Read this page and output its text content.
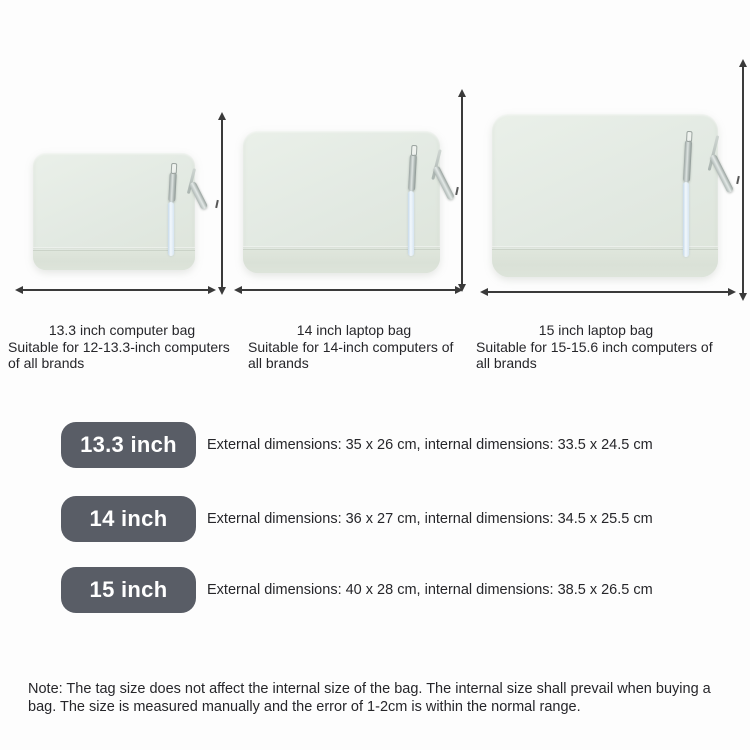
13.3 inch computer bag
Suitable for 12-13.3-inch computers of all brands
14 inch laptop bag
Suitable for 14-inch computers of all brands
15 inch laptop bag
Suitable for 15-15.6 inch computers of all brands
13.3 inch	External dimensions: 35 x 26 cm, internal dimensions: 33.5 x 24.5 cm
14 inch	External dimensions: 36 x 27 cm, internal dimensions: 34.5 x 25.5 cm
15 inch	External dimensions: 40 x 28 cm, internal dimensions: 38.5 x 26.5 cm
Note: The tag size does not affect the internal size of the bag. The internal size shall prevail when buying a bag. The size is measured manually and the error of 1-2cm is within the normal range.
